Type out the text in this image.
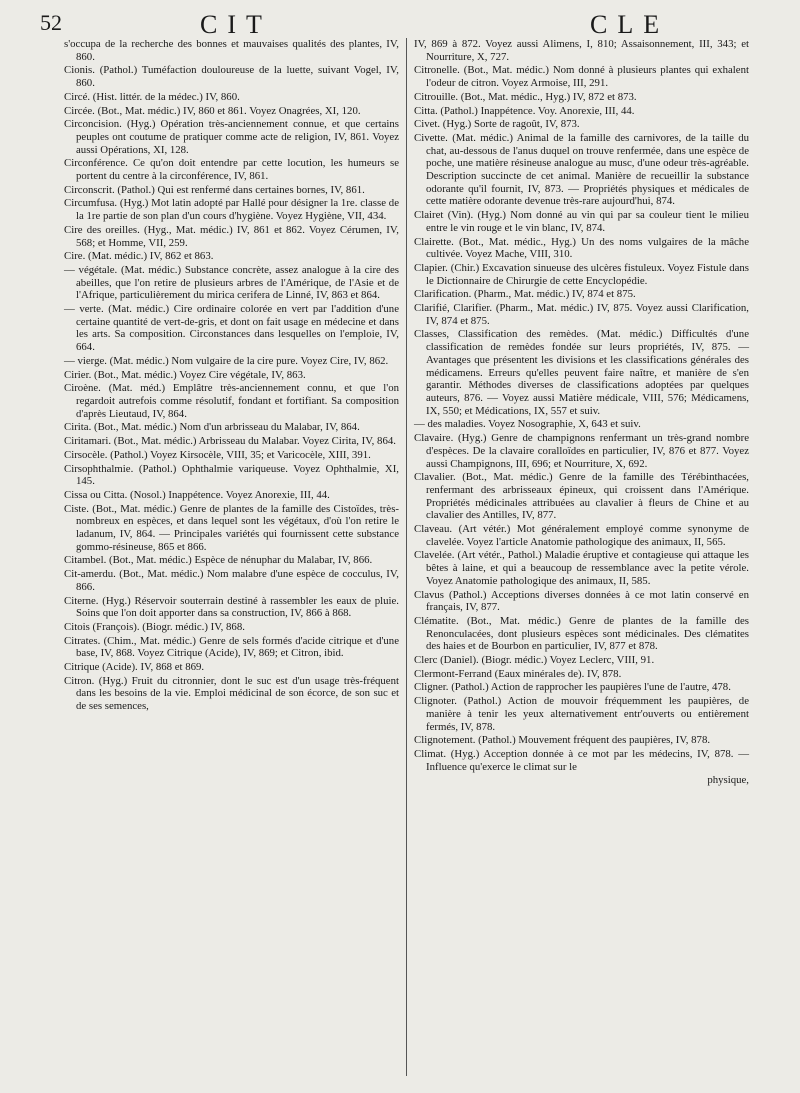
52	CIT	CLE

s'occupa de la recherche des bonnes et mauvaises qualités des plantes, IV, 860.

Cionis. (Pathol.) Tuméfaction douloureuse de la luette, suivant Vogel, IV, 860.

Circé. (Hist. littér. de la médec.) IV, 860.

Circée. (Bot., Mat. médic.) IV, 860 et 861. Voyez Onagrées, XI, 120.

Circoncision. (Hyg.) Opération très-anciennement connue, et que certains peuples ont coutume de pratiquer comme acte de religion, IV, 861. Voyez aussi Opérations, XI, 128.

Circonférence. Ce qu'on doit entendre par cette locution, les humeurs se portent du centre à la circonférence, IV, 861.

Circonscrit. (Pathol.) Qui est renfermé dans certaines bornes, IV, 861.

Circumfusa. (Hyg.) Mot latin adopté par Hallé pour désigner la 1re. classe de la 1re partie de son plan d'un cours d'hygiène. Voyez Hygiène, VII, 434.

Cire des oreilles. (Hyg., Mat. médic.) IV, 861 et 862. Voyez Cérumen, IV, 568; et Homme, VII, 259.

Cire. (Mat. médic.) IV, 862 et 863.

— végétale. (Mat. médic.) Substance concrète, assez analogue à la cire des abeilles, que l'on retire de plusieurs arbres de l'Amérique, de l'Asie et de l'Afrique, particulièrement du mirica cerifera de Linné, IV, 863 et 864.

— verte. (Mat. médic.) Cire ordinaire colorée en vert par l'addition d'une certaine quantité de vert-de-gris, et dont on fait usage en médecine et dans les arts. Sa composition. Circonstances dans lesquelles on l'emploie, IV, 664.

— vierge. (Mat. médic.) Nom vulgaire de la cire pure. Voyez Cire, IV, 862.

Cirier. (Bot., Mat. médic.) Voyez Cire végétale, IV, 863.

Ciroène. (Mat. méd.) Emplâtre très-anciennement connu, et que l'on regardoit autrefois comme résolutif, fondant et fortifiant. Sa composition d'après Lieutaud, IV, 864.

Cirita. (Bot., Mat. médic.) Nom d'un arbrisseau du Malabar, IV, 864.

Ciritamari. (Bot., Mat. médic.) Arbrisseau du Malabar. Voyez Cirita, IV, 864.

Cirsocèle. (Pathol.) Voyez Kirsocèle, VIII, 35; et Varicocèle, XIII, 391.

Cirsophthalmie. (Pathol.) Ophthalmie variqueuse. Voyez Ophthalmie, XI, 145.

Cissa ou Citta. (Nosol.) Inappétence. Voyez Anorexie, III, 44.

Ciste. (Bot., Mat. médic.) Genre de plantes de la famille des Cistoïdes, très-nombreux en espèces, et dans lequel sont les végétaux, d'où l'on retire le ladanum, IV, 864. — Principales variétés qui fournissent cette substance gommo-résineuse, 865 et 866.

Citambel. (Bot., Mat. médic.) Espèce de nénuphar du Malabar, IV, 866.

Cit-amerdu. (Bot., Mat. médic.) Nom malabre d'une espèce de cocculus, IV, 866.

Citerne. (Hyg.) Réservoir souterrain destiné à rassembler les eaux de pluie. Soins que l'on doit apporter dans sa construction, IV, 866 à 868.

Citois (François). (Biogr. médic.) IV, 868.

Citrates. (Chim., Mat. médic.) Genre de sels formés d'acide citrique et d'une base, IV, 868. Voyez Citrique (Acide), IV, 869; et Citron, ibid.

Citrique (Acide). IV, 868 et 869.

Citron. (Hyg.) Fruit du citronnier, dont le suc est d'un usage très-fréquent dans les besoins de la vie. Emploi médicinal de son écorce, de son suc et de ses semences,

IV, 869 à 872. Voyez aussi Alimens, I, 810; Assaisonnement, III, 343; et Nourriture, X, 727.

Citronelle. (Bot., Mat. médic.) Nom donné à plusieurs plantes qui exhalent l'odeur de citron. Voyez Armoise, III, 291.

Citrouille. (Bot., Mat. médic., Hyg.) IV, 872 et 873.

Citta. (Pathol.) Inappétence. Voy. Anorexie, III, 44.

Civet. (Hyg.) Sorte de ragoût, IV, 873.

Civette. (Mat. médic.) Animal de la famille des carnivores, de la taille du chat, au-dessous de l'anus duquel on trouve renfermée, dans une espèce de poche, une matière résineuse analogue au musc, d'une odeur très-agréable. Description succincte de cet animal. Manière de recueillir la substance odorante qu'il fournit, IV, 873. — Propriétés physiques et médicales de cette matière odorante devenue très-rare aujourd'hui, 874.

Clairet (Vin). (Hyg.) Nom donné au vin qui par sa couleur tient le milieu entre le vin rouge et le vin blanc, IV, 874.

Clairette. (Bot., Mat. médic., Hyg.) Un des noms vulgaires de la mâche cultivée. Voyez Mache, VIII, 310.

Clapier. (Chir.) Excavation sinueuse des ulcères fistuleux. Voyez Fistule dans le Dictionnaire de Chirurgie de cette Encyclopédie.

Clarification. (Pharm., Mat. médic.) IV, 874 et 875.

Clarifié, Clarifier. (Pharm., Mat. médic.) IV, 875. Voyez aussi Clarification, IV, 874 et 875.

Classes, Classification des remèdes. (Mat. médic.) Difficultés d'une classification de remèdes fondée sur leurs propriétés, IV, 875. — Avantages que présentent les divisions et les classifications générales des médicamens. Erreurs qu'elles peuvent faire naître, et manière de s'en garantir. Méthodes diverses de classifications adoptées par quelques auteurs, 876. — Voyez aussi Matière médicale, VIII, 576; Médicamens, IX, 550; et Médications, IX, 557 et suiv.

— des maladies. Voyez Nosographie, X, 643 et suiv.

Clavaire. (Hyg.) Genre de champignons renfermant un très-grand nombre d'espèces. De la clavaire coralloïdes en particulier, IV, 876 et 877. Voyez aussi Champignons, III, 696; et Nourriture, X, 692.

Clavalier. (Bot., Mat. médic.) Genre de la famille des Térébinthacées, renfermant des arbrisseaux épineux, qui croissent dans l'Amérique. Propriétés médicinales attribuées au clavalier à fleurs de Chine et au clavalier des Antilles, IV, 877.

Claveau. (Art vétér.) Mot généralement employé comme synonyme de clavelée. Voyez l'article Anatomie pathologique des animaux, II, 565.

Clavelée. (Art vétér., Pathol.) Maladie éruptive et contagieuse qui attaque les bêtes à laine, et qui a beaucoup de ressemblance avec la petite vérole. Voyez Anatomie pathologique des animaux, II, 585.

Clavus (Pathol.) Acceptions diverses données à ce mot latin conservé en français, IV, 877.

Clématite. (Bot., Mat. médic.) Genre de plantes de la famille des Renonculacées, dont plusieurs espèces sont médicinales. Des clématites des haies et de Bourbon en particulier, IV, 877 et 878.

Clerc (Daniel). (Biogr. médic.) Voyez Leclerc, VIII, 91.

Clermont-Ferrand (Eaux minérales de). IV, 878.

Cligner. (Pathol.) Action de rapprocher les paupières l'une de l'autre, 478.

Clignoter. (Pathol.) Action de mouvoir fréquemment les paupières, de manière à tenir les yeux alternativement entr'ouverts ou entièrement fermés, IV, 878.

Clignotement. (Pathol.) Mouvement fréquent des paupières, IV, 878.

Climat. (Hyg.) Acception donnée à ce mot par les médecins, IV, 878. — Influence qu'exerce le climat sur le

physique,
